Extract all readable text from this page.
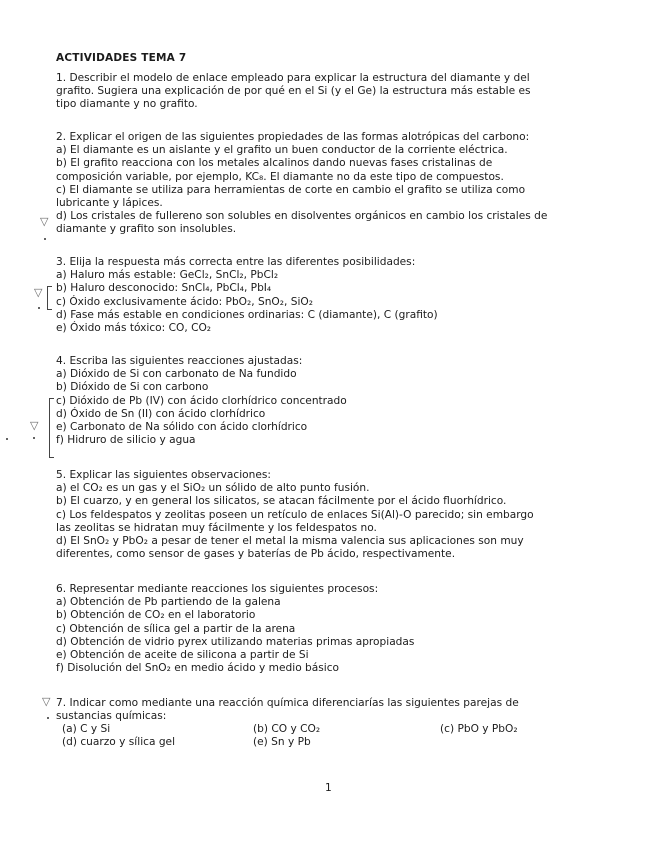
ACTIVIDADES TEMA 7

1. Describir el modelo de enlace empleado para explicar la estructura del diamante y del

grafito. Sugiera una explicación de por qué en el Si (y el Ge) la estructura más estable es

tipo diamante y no grafito.

2. Explicar el origen de las siguientes propiedades de las formas alotrópicas del carbono:

a) El diamante es un aislante y el grafito un buen conductor de la corriente eléctrica.

b) El grafito reacciona con los metales alcalinos dando nuevas fases cristalinas de

composición variable, por ejemplo, KC₈. El diamante no da este tipo de compuestos.

c) El diamante se utiliza para herramientas de corte en cambio el grafito se utiliza como

lubricante y lápices.

d) Los cristales de fullereno son solubles en disolventes orgánicos en cambio los cristales de

diamante y grafito son insolubles.

3. Elija la respuesta más correcta entre las diferentes posibilidades:

a) Haluro más estable: GeCl₂, SnCl₂, PbCl₂

b) Haluro desconocido: SnCl₄, PbCl₄, PbI₄

c) Óxido exclusivamente ácido: PbO₂, SnO₂, SiO₂

d) Fase más estable en condiciones ordinarias: C (diamante), C (grafito)

e) Óxido más tóxico: CO, CO₂

4. Escriba las siguientes reacciones ajustadas:

a) Dióxido de Si con carbonato de Na fundido

b) Dióxido de Si con carbono

c) Dióxido de Pb (IV) con ácido clorhídrico concentrado

d) Óxido de Sn (II) con ácido clorhídrico

e) Carbonato de Na sólido con ácido clorhídrico

f) Hidruro de silicio y agua

5. Explicar las siguientes observaciones:

a) el CO₂ es un gas y el SiO₂ un sólido de alto punto fusión.

b) El cuarzo, y en general los silicatos, se atacan fácilmente por el ácido fluorhídrico.

c) Los feldespatos y zeolitas poseen un retículo de enlaces Si(Al)-O parecido; sin embargo

las zeolitas se hidratan muy fácilmente y los feldespatos no.

d) El SnO₂ y PbO₂ a pesar de tener el metal la misma valencia sus aplicaciones son muy

diferentes, como sensor de gases y baterías de Pb ácido, respectivamente.

6. Representar mediante reacciones los siguientes procesos:

a) Obtención de Pb partiendo de la galena

b) Obtención de CO₂ en el laboratorio

c) Obtención de sílica gel a partir de la arena

d) Obtención de vidrio pyrex utilizando materias primas apropiadas

e) Obtención de aceite de silicona a partir de Si

f) Disolución del SnO₂ en medio ácido y medio básico

7. Indicar como mediante una reacción química diferenciarías las siguientes parejas de

sustancias químicas:

(a) C y Si	(b) CO y CO₂	(c) PbO y PbO₂
(d) cuarzo y sílica gel	(e) Sn y Pb
1
▽
▽
▽
▽
